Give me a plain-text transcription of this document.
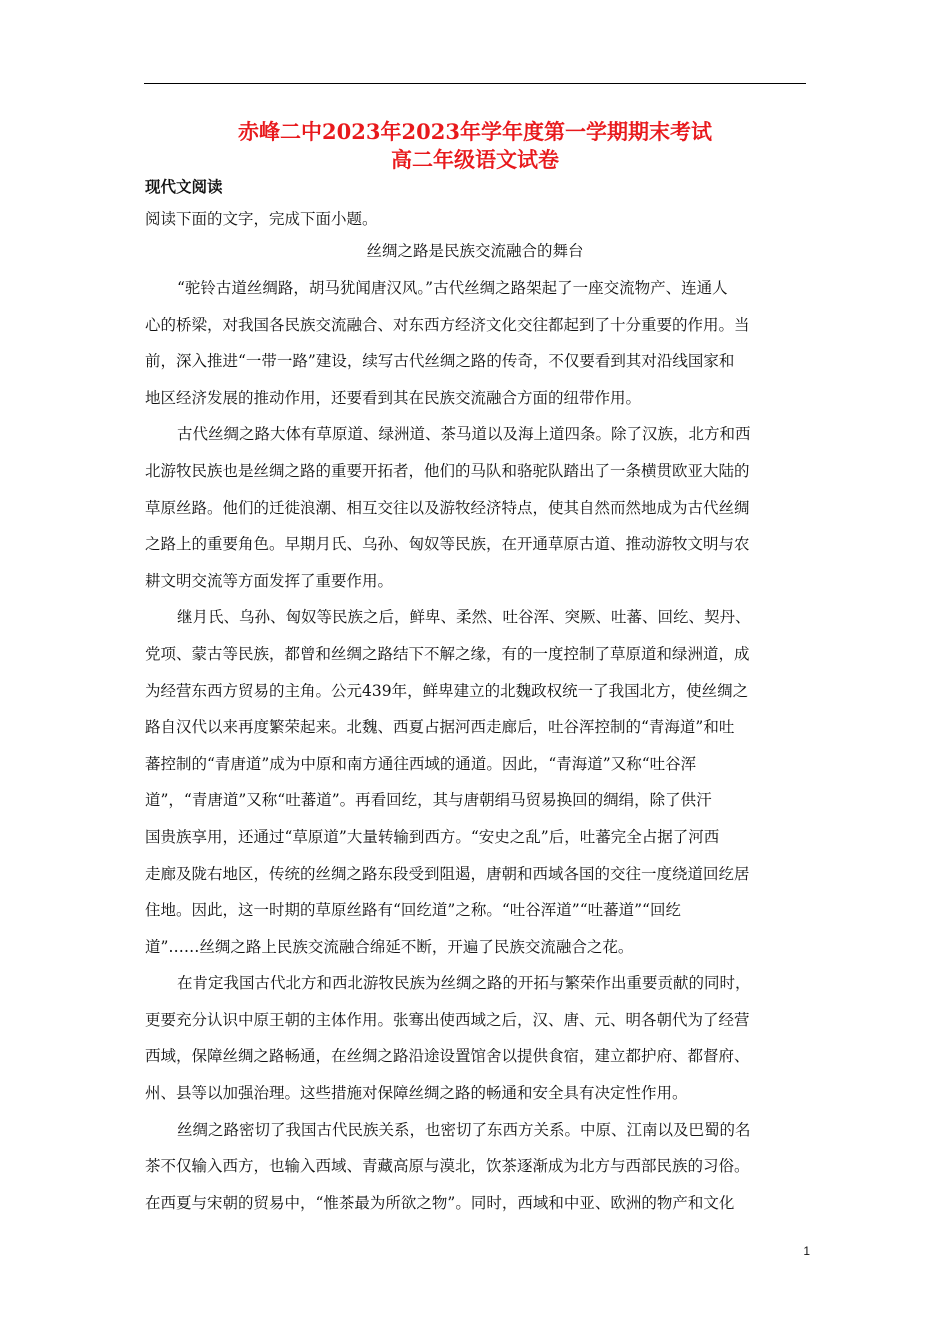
赤峰二中2023年2023年学年度第一学期期末考试
高二年级语文试卷
现代文阅读
阅读下面的文字，完成下面小题。
丝绸之路是民族交流融合的舞台
“驼铃古道丝绸路，胡马犹闻唐汉风。”古代丝绸之路架起了一座交流物产、连通人
心的桥梁，对我国各民族交流融合、对东西方经济文化交往都起到了十分重要的作用。当
前，深入推进“一带一路”建设，续写古代丝绸之路的传奇，不仅要看到其对沿线国家和
地区经济发展的推动作用，还要看到其在民族交流融合方面的纽带作用。
古代丝绸之路大体有草原道、绿洲道、茶马道以及海上道四条。除了汉族，北方和西
北游牧民族也是丝绸之路的重要开拓者，他们的马队和骆驼队踏出了一条横贯欧亚大陆的
草原丝路。他们的迁徙浪潮、相互交往以及游牧经济特点，使其自然而然地成为古代丝绸
之路上的重要角色。早期月氏、乌孙、匈奴等民族，在开通草原古道、推动游牧文明与农
耕文明交流等方面发挥了重要作用。
继月氏、乌孙、匈奴等民族之后，鲜卑、柔然、吐谷浑、突厥、吐蕃、回纥、契丹、
党项、蒙古等民族，都曾和丝绸之路结下不解之缘，有的一度控制了草原道和绿洲道，成
为经营东西方贸易的主角。公元439年，鲜卑建立的北魏政权统一了我国北方，使丝绸之
路自汉代以来再度繁荣起来。北魏、西夏占据河西走廊后，吐谷浑控制的“青海道”和吐
蕃控制的“青唐道”成为中原和南方通往西域的通道。因此，“青海道”又称“吐谷浑
道”，“青唐道”又称“吐蕃道”。再看回纥，其与唐朝绢马贸易换回的绸绢，除了供汗
国贵族享用，还通过“草原道”大量转输到西方。“安史之乱”后，吐蕃完全占据了河西
走廊及陇右地区，传统的丝绸之路东段受到阻遏，唐朝和西域各国的交往一度绕道回纥居
住地。因此，这一时期的草原丝路有“回纥道”之称。“吐谷浑道”“吐蕃道”“回纥
道”……丝绸之路上民族交流融合绵延不断，开遍了民族交流融合之花。
在肯定我国古代北方和西北游牧民族为丝绸之路的开拓与繁荣作出重要贡献的同时，
更要充分认识中原王朝的主体作用。张骞出使西域之后，汉、唐、元、明各朝代为了经营
西域，保障丝绸之路畅通，在丝绸之路沿途设置馆舍以提供食宿，建立都护府、都督府、
州、县等以加强治理。这些措施对保障丝绸之路的畅通和安全具有决定性作用。
丝绸之路密切了我国古代民族关系，也密切了东西方关系。中原、江南以及巴蜀的名
茶不仅输入西方，也输入西域、青藏高原与漠北，饮茶逐渐成为北方与西部民族的习俗。
在西夏与宋朝的贸易中，“惟茶最为所欲之物”。同时，西域和中亚、欧洲的物产和文化
1
